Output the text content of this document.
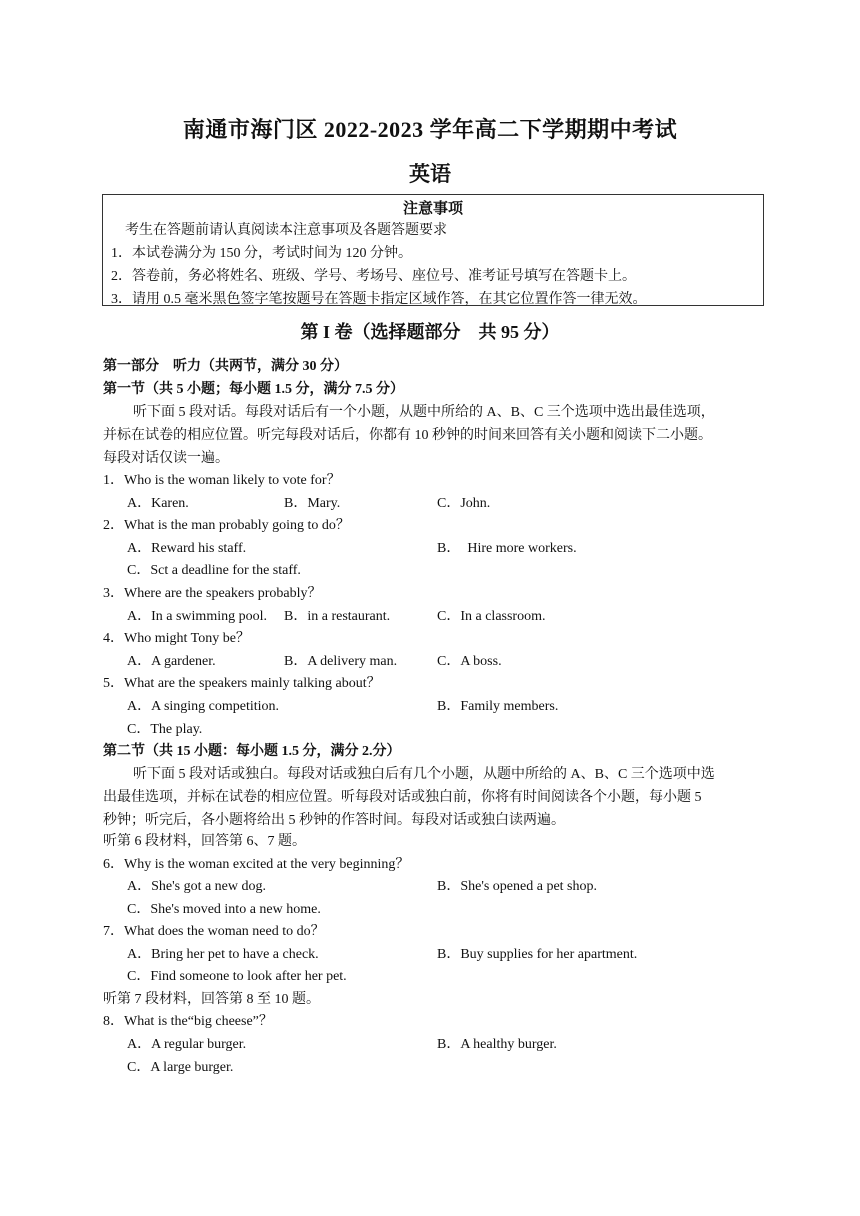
南通市海门区 2022-2023 学年高二下学期期中考试
英语
注意事项
考生在答题前请认真阅读本注意事项及各题答题要求
1．本试卷满分为 150 分，考试时间为 120 分钟。
2．答卷前，务必将姓名、班级、学号、考场号、座位号、准考证号填写在答题卡上。
3．请用 0.5 毫米黑色签字笔按题号在答题卡指定区域作答，在其它位置作答一律无效。
第 I 卷（选择题部分　共 95 分）
第一部分　听力（共两节，满分 30 分）
第一节（共 5 小题；每小题 1.5 分，满分 7.5 分）
听下面 5 段对话。每段对话后有一个小题，从题中所给的 A、B、C 三个选项中选出最佳选项，
并标在试卷的相应位置。听完每段对话后，你都有 10 秒钟的时间来回答有关小题和阅读下二小题。
每段对话仅读一遍。
1．Who is the woman likely to vote for？
A．Karen.	B．Mary.	C．John.
2．What is the man probably going to do？
A．Reward his staff.	B．　Hire more workers.
C．Sct a deadline for the staff.
3．Where are the speakers probably？
A．In a swimming pool. B．in a restaurant.	C．In a classroom.
4．Who might Tony be？
A．A gardener.	B．A delivery man.	C．A boss.
5．What are the speakers mainly talking about？
A．A singing competition.	B．Family members.
C．The play.
第二节（共 15 小题：每小题 1.5 分，满分 2.分）
听下面 5 段对话或独白。每段对话或独白后有几个小题，从题中所给的 A、B、C 三个选项中选
出最佳选项，并标在试卷的相应位置。听每段对话或独白前，你将有时间阅读各个小题，每小题 5
秒钟；听完后，各小题将给出 5 秒钟的作答时间。每段对话或独白读两遍。
听第 6 段材料，回答第 6、7 题。
6．Why is the woman excited at the very beginning？
A．She's got a new dog.	B．She's opened a pet shop.
C．She's moved into a new home.
7．What does the woman need to do？
A．Bring her pet to have a check.	B．Buy supplies for her apartment.
C．Find someone to look after her pet.
听第 7 段材料，回答第 8 至 10 题。
8．What is the“big cheese”？
A．A regular burger.	B．A healthy burger.
C．A large burger.
